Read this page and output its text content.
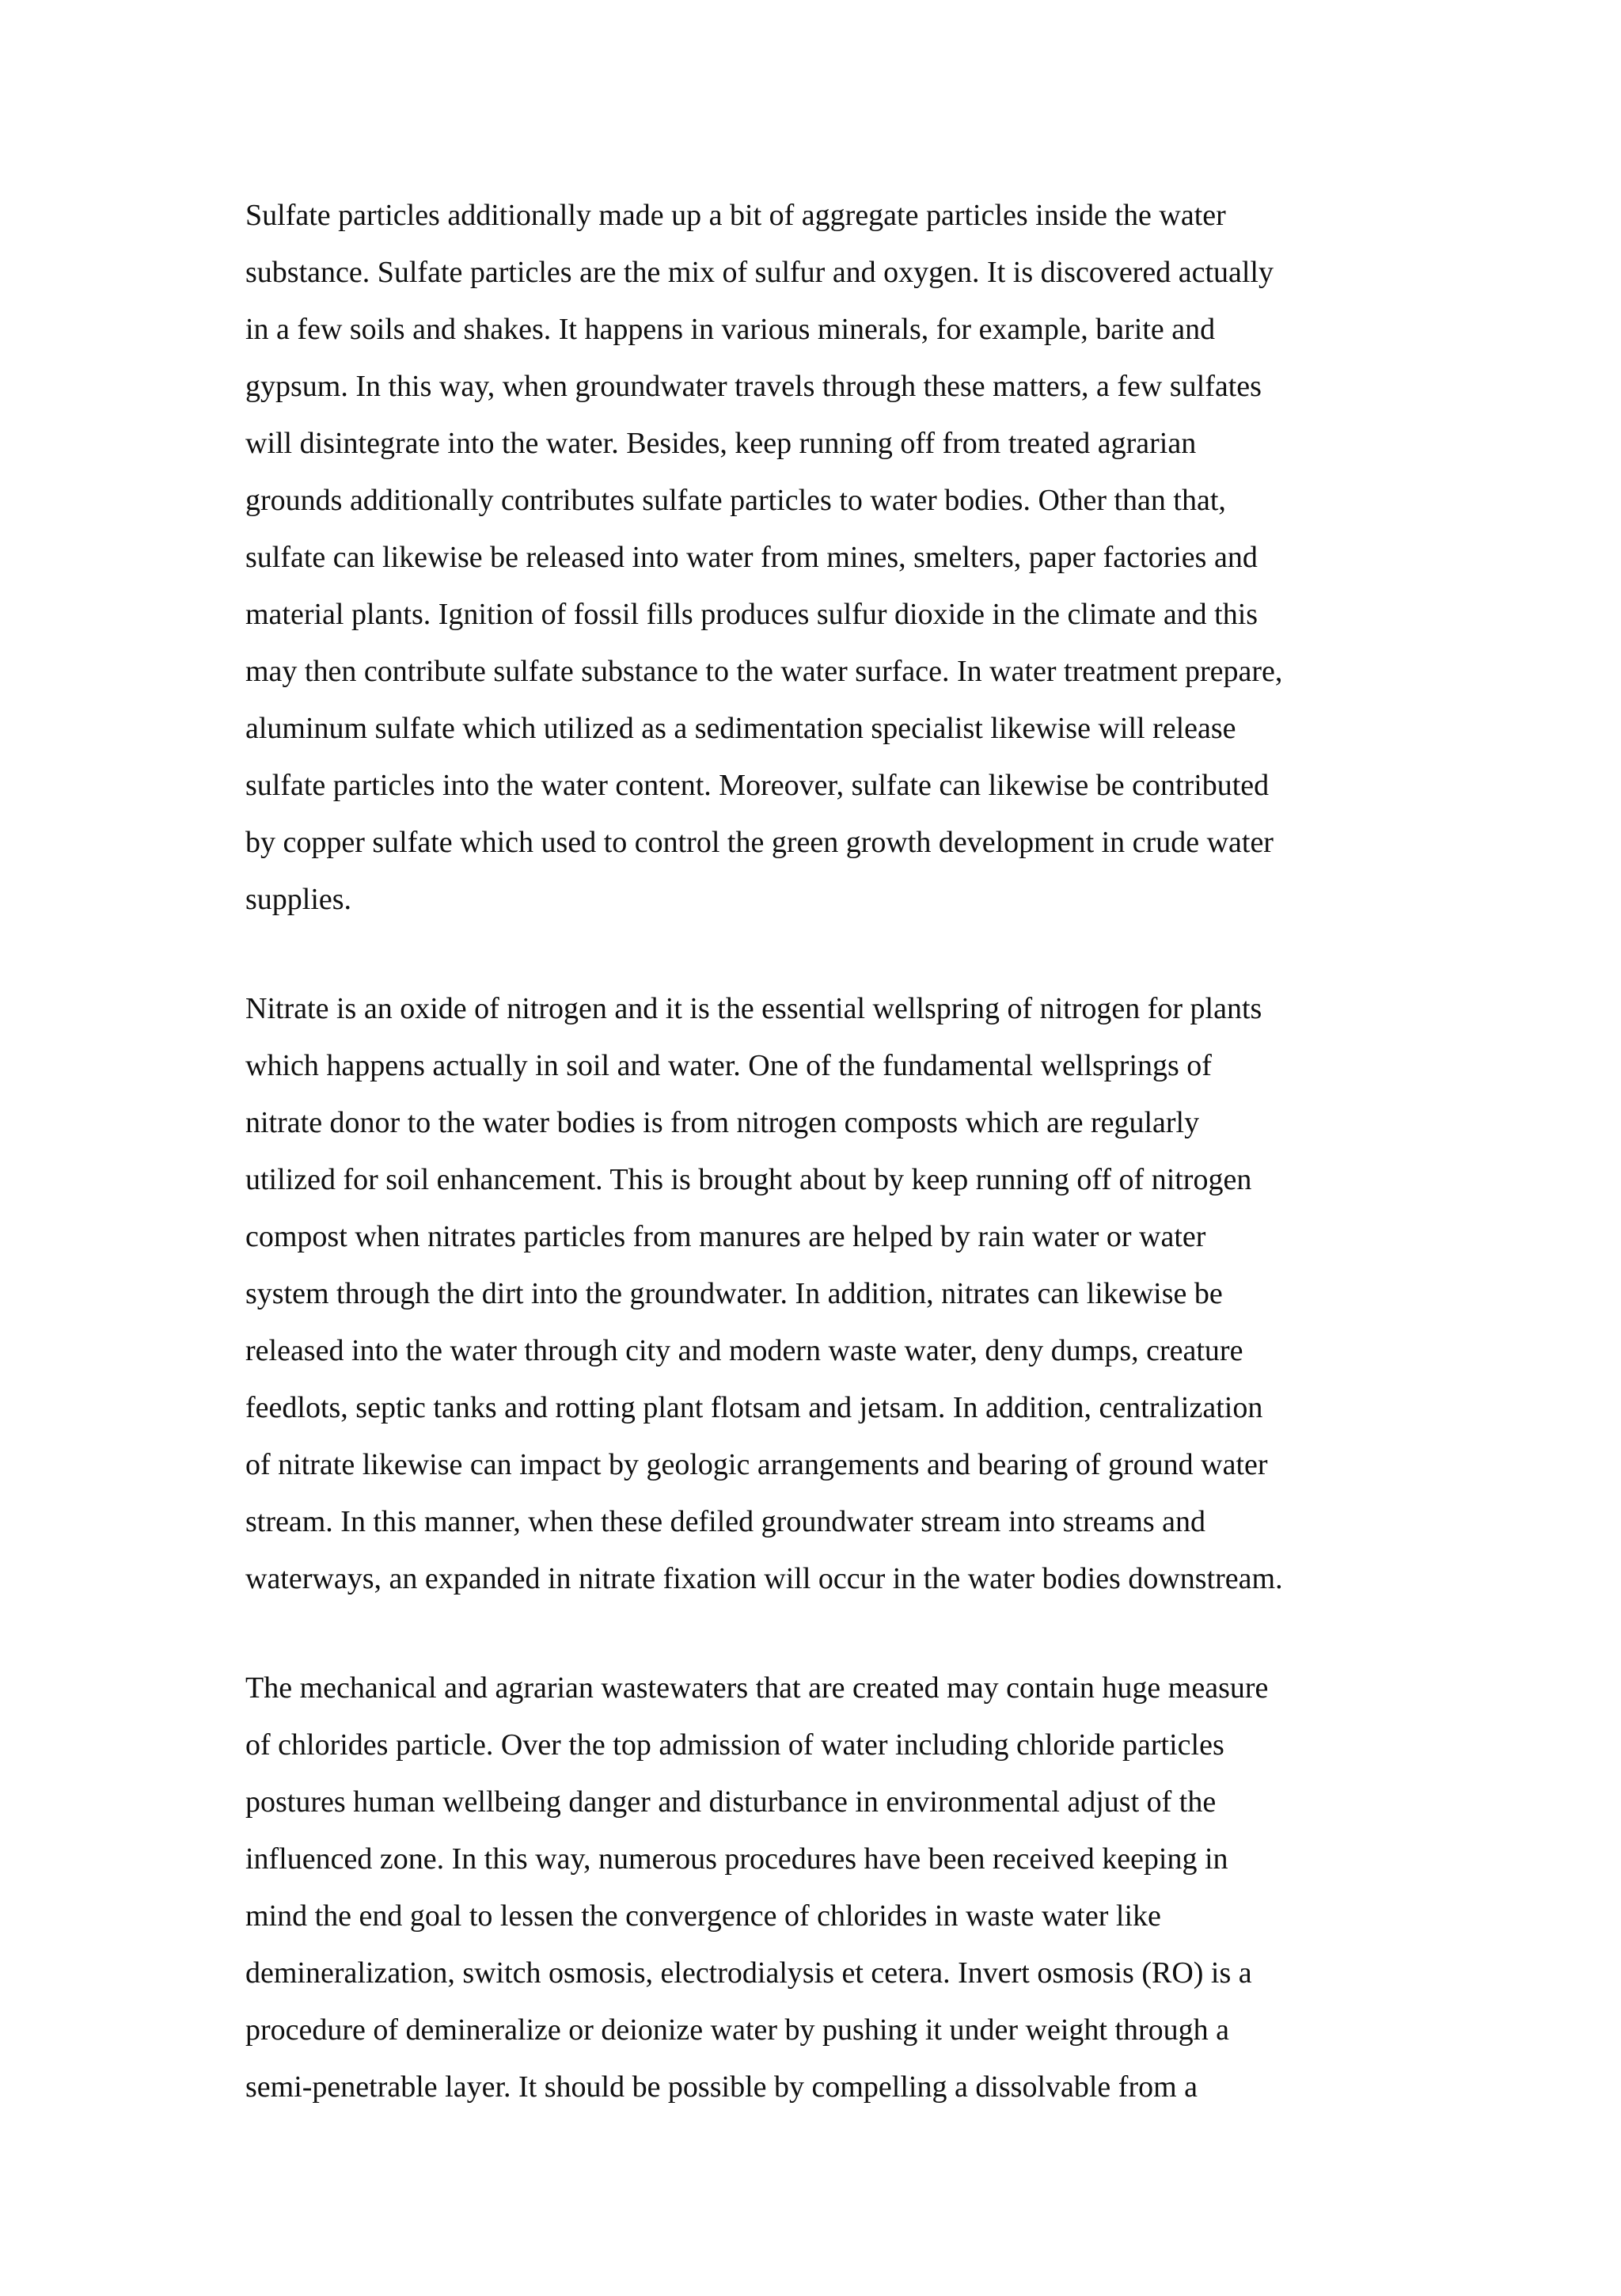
Sulfate particles additionally made up a bit of aggregate particles inside the water
substance. Sulfate particles are the mix of sulfur and oxygen. It is discovered actually
in a few soils and shakes. It happens in various minerals, for example, barite and
gypsum. In this way, when groundwater travels through these matters, a few sulfates
will disintegrate into the water. Besides, keep running off from treated agrarian
grounds additionally contributes sulfate particles to water bodies. Other than that,
sulfate can likewise be released into water from mines, smelters, paper factories and
material plants. Ignition of fossil fills produces sulfur dioxide in the climate and this
may then contribute sulfate substance to the water surface. In water treatment prepare,
aluminum sulfate which utilized as a sedimentation specialist likewise will release
sulfate particles into the water content. Moreover, sulfate can likewise be contributed
by copper sulfate which used to control the green growth development in crude water
supplies.
Nitrate is an oxide of nitrogen and it is the essential wellspring of nitrogen for plants
which happens actually in soil and water. One of the fundamental wellsprings of
nitrate donor to the water bodies is from nitrogen composts which are regularly
utilized for soil enhancement. This is brought about by keep running off of nitrogen
compost when nitrates particles from manures are helped by rain water or water
system through the dirt into the groundwater. In addition, nitrates can likewise be
released into the water through city and modern waste water, deny dumps, creature
feedlots, septic tanks and rotting plant flotsam and jetsam. In addition, centralization
of nitrate likewise can impact by geologic arrangements and bearing of ground water
stream. In this manner, when these defiled groundwater stream into streams and
waterways, an expanded in nitrate fixation will occur in the water bodies downstream.
The mechanical and agrarian wastewaters that are created may contain huge measure
of chlorides particle. Over the top admission of water including chloride particles
postures human wellbeing danger and disturbance in environmental adjust of the
influenced zone. In this way, numerous procedures have been received keeping in
mind the end goal to lessen the convergence of chlorides in waste water like
demineralization, switch osmosis, electrodialysis et cetera. Invert osmosis (RO) is a
procedure of demineralize or deionize water by pushing it under weight through a
semi-penetrable layer. It should be possible by compelling a dissolvable from a
